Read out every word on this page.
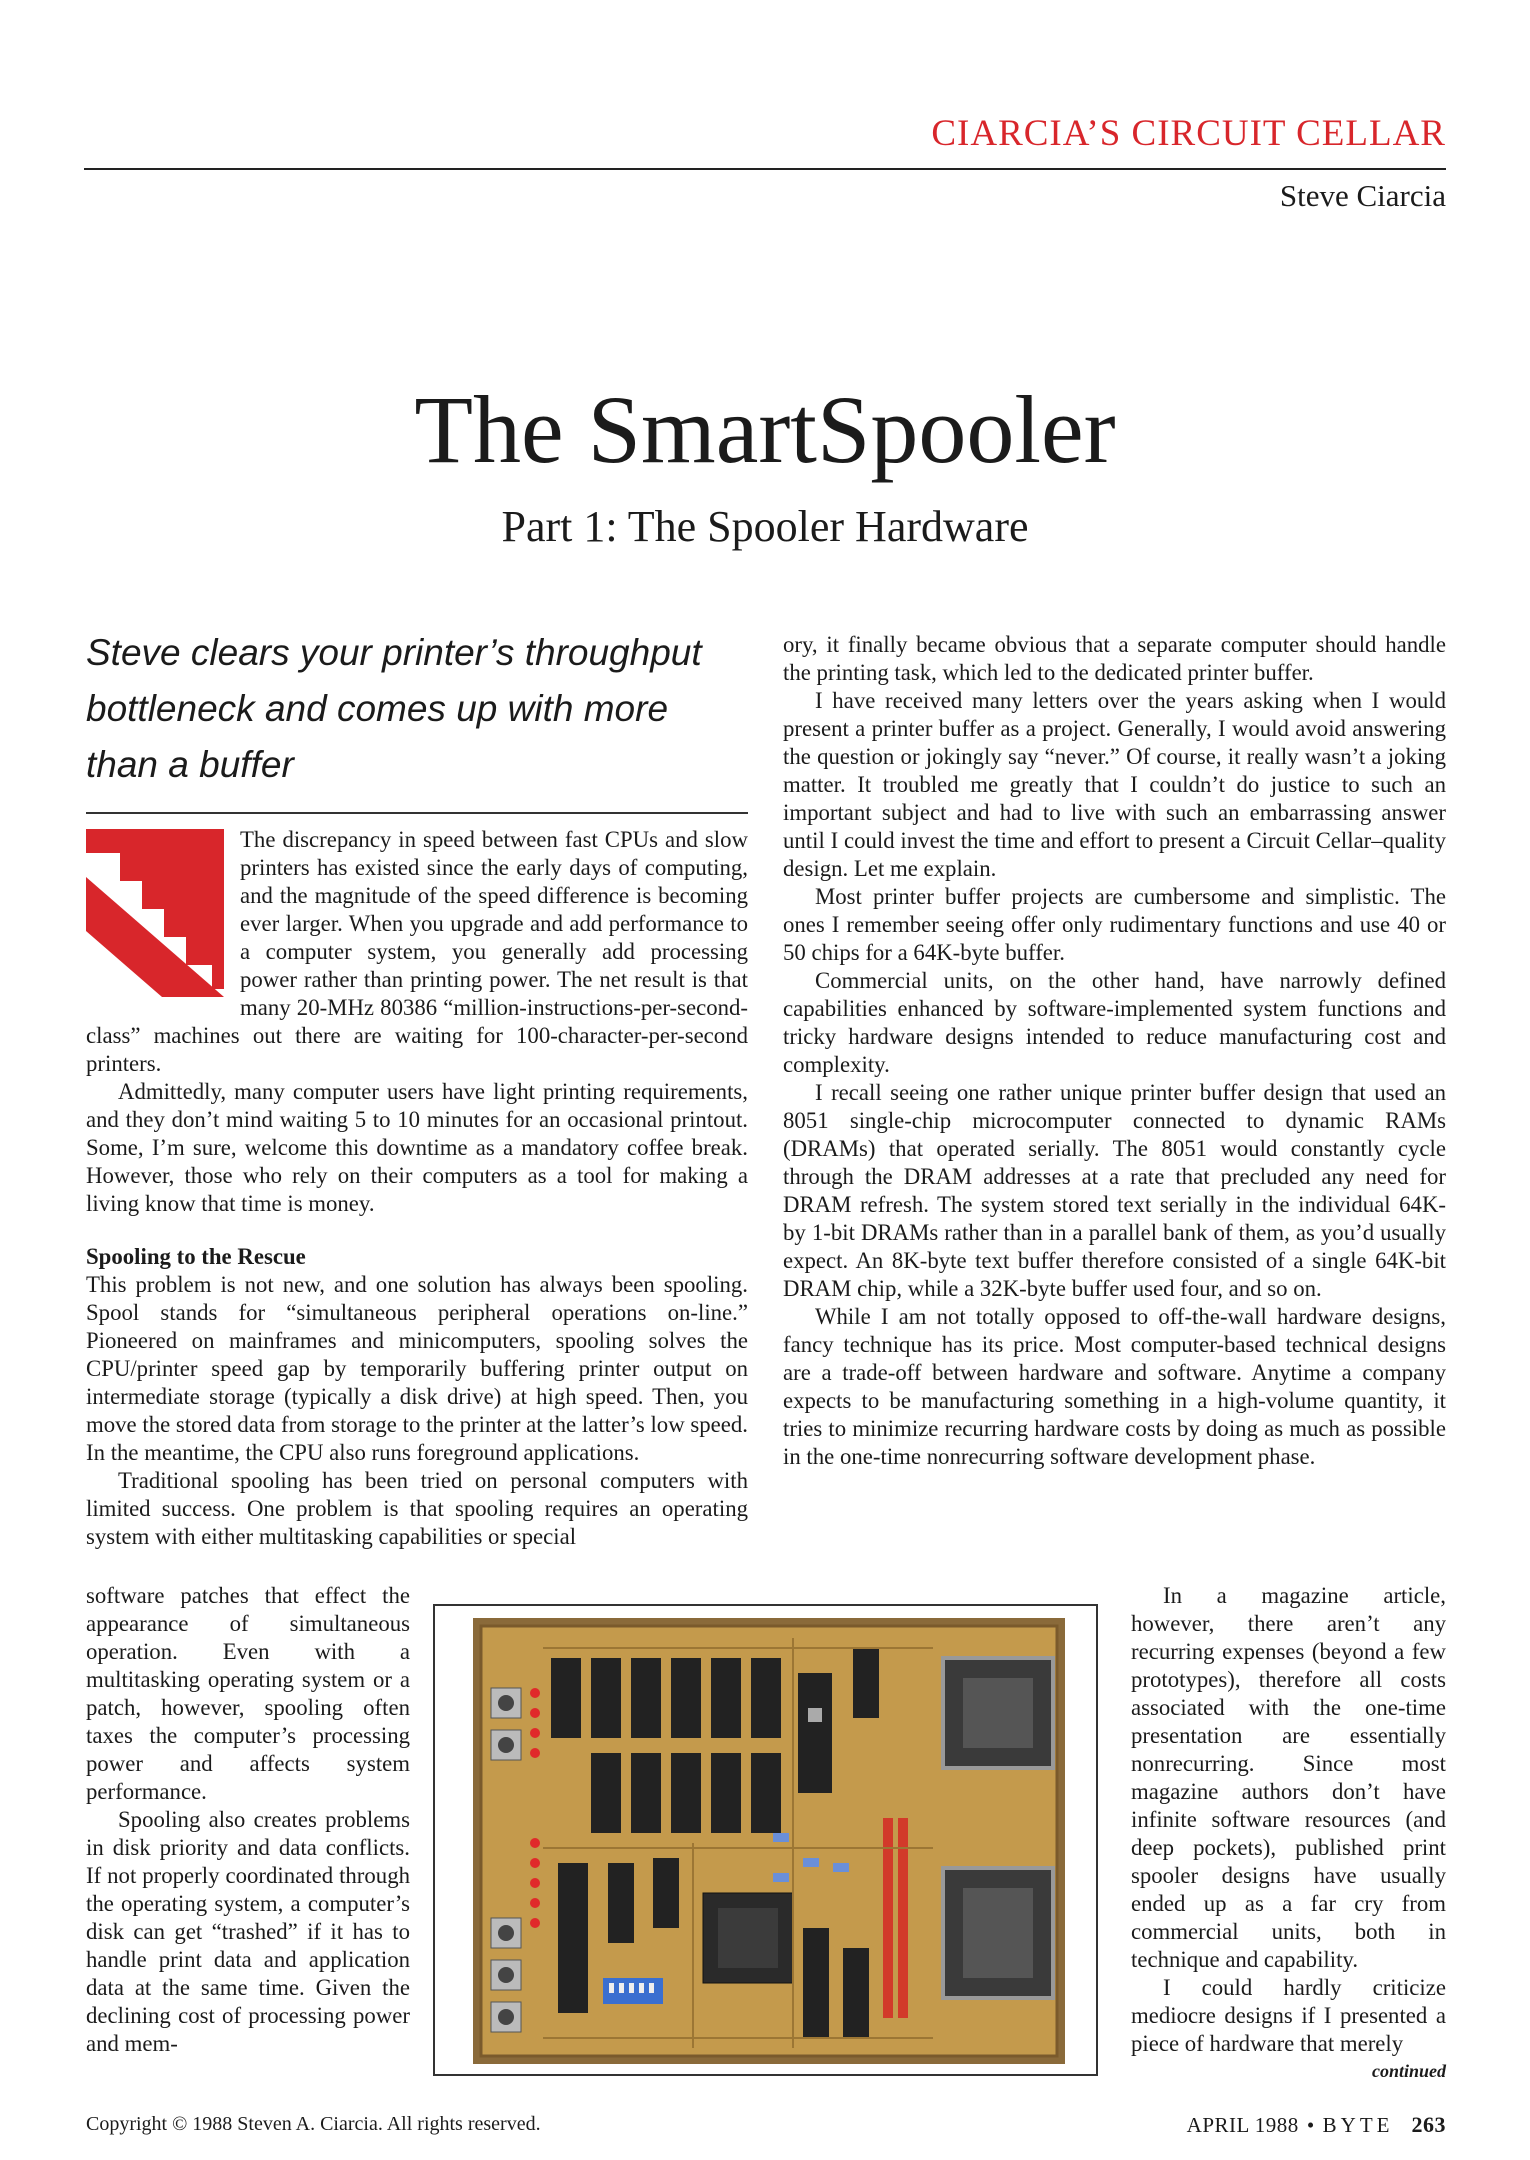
CIARCIA’S CIRCUIT CELLAR
Steve Ciarcia
The SmartSpooler
Part 1: The Spooler Hardware
Steve clears your printer’s throughput bottleneck and comes up with more than a buffer

The discrepancy in speed between fast CPUs and slow printers has existed since the early days of computing, and the magnitude of the speed difference is becoming ever larger. When you upgrade and add performance to a computer system, you generally add processing power rather than printing power. The net result is that many 20-MHz 80386 “million-instructions-per-second-class” machines out there are waiting for 100-character-per-second printers.

Admittedly, many computer users have light printing requirements, and they don’t mind waiting 5 to 10 minutes for an occasional printout. Some, I’m sure, welcome this downtime as a mandatory coffee break. However, those who rely on their computers as a tool for making a living know that time is money.

Spooling to the Rescue

This problem is not new, and one solution has always been spooling. Spool stands for “simultaneous peripheral operations on-line.” Pioneered on mainframes and minicomputers, spooling solves the CPU/printer speed gap by temporarily buffering printer output on intermediate storage (typically a disk drive) at high speed. Then, you move the stored data from storage to the printer at the latter’s low speed. In the meantime, the CPU also runs foreground applications.

Traditional spooling has been tried on personal computers with limited success. One problem is that spooling requires an operating system with either multitasking capabilities or special

software patches that effect the appearance of simultaneous operation. Even with a multitasking operating system or a patch, however, spooling often taxes the computer’s processing power and affects system performance.

Spooling also creates problems in disk priority and data conflicts. If not properly coordinated through the operating system, a computer’s disk can get “trashed” if it has to handle print data and application data at the same time. Given the declining cost of processing power and mem-

ory, it finally became obvious that a separate computer should handle the printing task, which led to the dedicated printer buffer.

I have received many letters over the years asking when I would present a printer buffer as a project. Generally, I would avoid answering the question or jokingly say “never.” Of course, it really wasn’t a joking matter. It troubled me greatly that I couldn’t do justice to such an important subject and had to live with such an embarrassing answer until I could invest the time and effort to present a Circuit Cellar–quality design. Let me explain.

Most printer buffer projects are cumbersome and simplistic. The ones I remember seeing offer only rudimentary functions and use 40 or 50 chips for a 64K-byte buffer.

Commercial units, on the other hand, have narrowly defined capabilities enhanced by software-implemented system functions and tricky hardware designs intended to reduce manufacturing cost and complexity.

I recall seeing one rather unique printer buffer design that used an 8051 single-chip microcomputer connected to dynamic RAMs (DRAMs) that operated serially. The 8051 would constantly cycle through the DRAM addresses at a rate that precluded any need for DRAM refresh. The system stored text serially in the individual 64K- by 1-bit DRAMs rather than in a parallel bank of them, as you’d usually expect. An 8K-byte text buffer therefore consisted of a single 64K-bit DRAM chip, while a 32K-byte buffer used four, and so on.

While I am not totally opposed to off-the-wall hardware designs, fancy technique has its price. Most computer-based technical designs are a trade-off between hardware and software. Anytime a company expects to be manufacturing something in a high-volume quantity, it tries to minimize recurring hardware costs by doing as much as possible in the one-time nonrecurring software development phase.

In a magazine article, however, there aren’t any recurring expenses (beyond a few prototypes), therefore all costs associated with the one-time presentation are essentially nonrecurring. Since most magazine authors don’t have infinite software resources (and deep pockets), published print spooler designs have usually ended up as a far cry from commercial units, both in technique and capability.

I could hardly criticize mediocre designs if I presented a piece of hardware that merely

continued
Copyright © 1988 Steven A. Ciarcia. All rights reserved.	APRIL 1988 • BYTE 263
